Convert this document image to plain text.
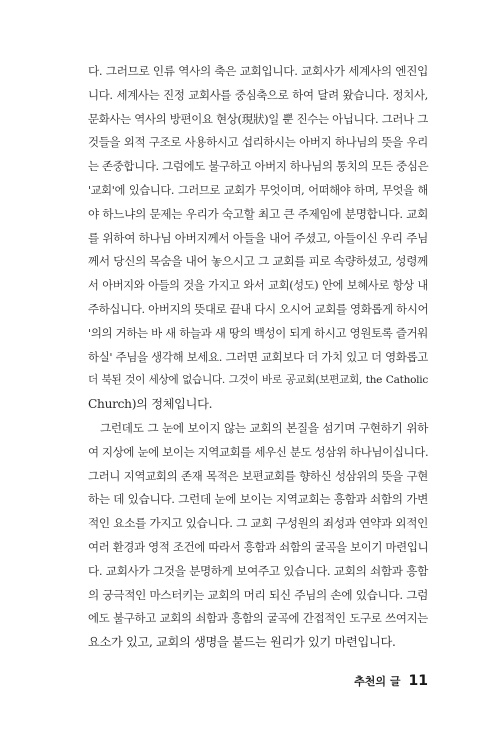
다. 그러므로 인류 역사의 축은 교회입니다. 교회사가 세계사의 엔진입
니다. 세계사는 진정 교회사를 중심축으로 하여 달려 왔습니다. 정치사,
문화사는 역사의 방편이요 현상(現狀)일 뿐 진수는 아닙니다. 그러나 그
것들을 외적 구조로 사용하시고 섭리하시는 아버지 하나님의 뜻을 우리
는 존중합니다. 그럼에도 불구하고 아버지 하나님의 통치의 모든 중심은
'교회'에 있습니다. 그러므로 교회가 무엇이며, 어떠해야 하며, 무엇을 해
야 하느냐의 문제는 우리가 숙고할 최고 큰 주제임에 분명합니다. 교회
를 위하여 하나님 아버지께서 아들을 내어 주셨고, 아들이신 우리 주님
께서 당신의 목숨을 내어 놓으시고 그 교회를 피로 속량하셨고, 성령께
서 아버지와 아들의 것을 가지고 와서 교회(성도) 안에 보혜사로 항상 내
주하십니다. 아버지의 뜻대로 끝내 다시 오시어 교회를 영화롭게 하시어
'의의 거하는 바 새 하늘과 새 땅의 백성이 되게 하시고 영원토록 즐거워
하실' 주님을 생각해 보세요. 그러면 교회보다 더 가치 있고 더 영화롭고
더 북된 것이 세상에 없습니다. 그것이 바로 공교회(보편교회, the Catholic
Church)의 정체입니다.
그런데도 그 눈에 보이지 않는 교회의 본질을 섬기며 구현하기 위하
여 지상에 눈에 보이는 지역교회를 세우신 분도 성삼위 하나님이십니다.
그러니 지역교회의 존재 목적은 보편교회를 향하신 성삼위의 뜻을 구현
하는 데 있습니다. 그런데 눈에 보이는 지역교회는 흥함과 쇠함의 가변
적인 요소를 가지고 있습니다. 그 교회 구성원의 죄성과 연약과 외적인
여러 환경과 영적 조건에 따라서 흥함과 쇠함의 굴곡을 보이기 마련입니
다. 교회사가 그것을 분명하게 보여주고 있습니다. 교회의 쇠함과 흥함
의 궁극적인 마스터키는 교회의 머리 되신 주님의 손에 있습니다. 그럼
에도 불구하고 교회의 쇠함과 흥함의 굴곡에 간접적인 도구로 쓰여지는
요소가 있고, 교회의 생명을 붙드는 원리가 있기 마련입니다.
추천의 글 11
